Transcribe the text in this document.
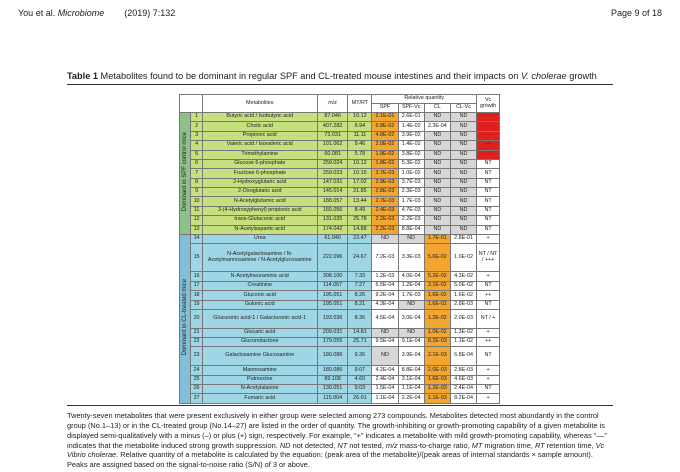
You et al. Microbiome (2019) 7:132	Page 9 of 18
Table 1 Metabolites found to be dominant in regular SPF and CL-treated mouse intestines and their impacts on V. cholerae growth
		Metabolites	m/z	MT/RT	Relative quantity				Vc growth
					SPF	SPF-Vc	CL	CL-Vc	
Dominant in SPF control mice	1	Butyric acid / Isobutyric acid	87.046	10.12	2.1E-01	2.6E-01	ND	ND	–
	2	Cholic acid	407.282	6.94	6.8E-02	1.4E-02	2.3E-04	ND	–
	3	Propionic acid	73.031	11.11	4.8E-02	3.9E-02	ND	ND	–
	4	Valeric acid / Isovaleric acid	101.062	9.46	2.0E-02	1.4E-02	ND	ND	–/–
	5	Trimethylamine	60.081	5.78	1.9E-02	3.8E-02	ND	ND	–
	6	Glucose 6-phosphate	259.024	10.12	1.8E-02	5.3E-02	ND	ND	NT
	7	Fructose 6-phosphate	259.023	10.15	3.7E-03	1.0E-02	ND	ND	NT
	8	2-Hydroxyglutaric acid	147.031	17.02	2.9E-03	3.7E-03	ND	ND	NT
	9	2-Oxoglutaric acid	145.014	21.85	2.8E-03	2.3E-03	ND	ND	NT
	10	N-Acetylglutamic acid	188.057	13.44	2.7E-03	1.7E-03	ND	ND	NT
	11	3-(4-Hydroxyphenyl) propionic acid	165.056	8.49	2.4E-03	4.7E-03	ND	ND	NT
	12	trans-Glutaconic acid	131.035	25.78	2.2E-03	2.2E-03	ND	ND	NT
	13	N-Acetylaspartic acid	174.042	14.88	2.2E-03	8.8E-04	ND	ND	NT
Dominant in CL-treated mice	14	Urea	61.040	23.47	ND	ND	1.7E-01	2.8E-01	+
	15	N-Acetylgalactosamine / N-Acetylmannosamine / N-Acetylglucosamine	222.096	24.67	7.2E-03	3.3E-03	5.6E-02	1.0E-02	NT / NT / +++
	16	N-Acetylneuraminic acid	308.100	7.33	1.2E-03	4.0E-04	5.2E-02	4.3E-02	+
	17	Creatinine	114.067	7.27	6.5E-04	1.2E-04	3.1E-02	5.0E-02	NT
	18	Gluconic acid	195.051	8.26	9.2E-04	1.7E-03	1.6E-02	1.6E-02	++
	19	Gulonic acid	195.051	8.21	4.3E-04	ND	1.6E-02	2.8E-03	NT
	20	Glucuronic acid-1 / Galacturonic acid-1	193.036	8.36	4.5E-04	3.0E-04	1.2E-02	2.0E-03	NT / +
	21	Glucaric acid	209.031	14.81	ND	ND	1.0E-02	1.3E-02	+
	22	Gluconolactone	179.055	25.71	9.5E-04	9.1E-04	8.2E-03	1.1E-02	++
	23	Galactosamine Glucosamine	180.086	9.36	ND	3.9E-04	2.1E-03	6.8E-04	NT
	24	Mannosamine	180.086	9.07	4.2E-04	8.8E-04	2.0E-03	2.8E-03	+
	25	Putrescine	89.108	4.60	2.4E-04	3.1E-04	1.6E-03	4.6E-03	+
	26	N-Acetylalanine	130.051	9.03	1.5E-04	1.1E-04	1.2E-03	2.4E-04	NT
	27	Fumaric acid	115.004	26.01	1.1E-04	2.2E-04	1.1E-03	8.2E-04	+
Twenty-seven metabolites that were present exclusively in either group were selected among 273 compounds. Metabolites detected most abundantly in the control group (No.1–13) or in the CL-treated group (No.14–27) are listed in the order of quantity. The growth-inhibiting or growth-promoting capability of a given metabolite is displayed semi-qualitatively with a minus (–) or plus (+) sign, respectively. For example, “+” indicates a metabolite with mild growth-promoting capability, whereas “––” indicates that the metabolite induced strong growth suppression. ND not detected, NT not tested, m/z mass-to-charge ratio, MT migration time, RT retention time, Vc Vibrio cholerae. Relative quantity of a metabolite is calculated by the equation: (peak area of the metabolite)/(peak areas of internal standards × sample amount). Peaks are assigned based on the signal-to-noise ratio (S/N) of 3 or above.
